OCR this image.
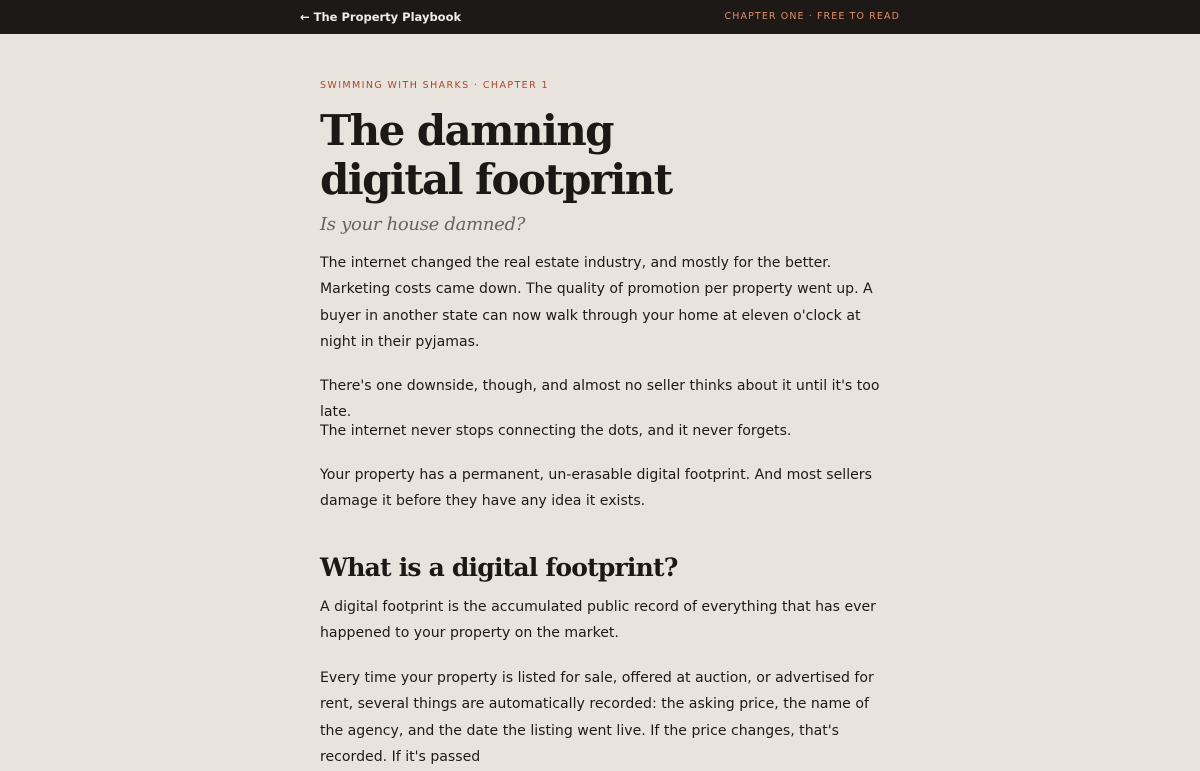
← The Property Playbook	CHAPTER ONE · FREE TO READ
SWIMMING WITH SHARKS · CHAPTER 1
The damning digital footprint

Is your house damned?

The internet changed the real estate industry, and mostly for the better. Marketing costs came down. The quality of promotion per property went up. A buyer in another state can now walk through your home at eleven o'clock at night in their pyjamas.

There's one downside, though, and almost no seller thinks about it until it's too late.

The internet never stops connecting the dots, and it never forgets.

Your property has a permanent, un-erasable digital footprint. And most sellers damage it before they have any idea it exists.

What is a digital footprint?

A digital footprint is the accumulated public record of everything that has ever happened to your property on the market.

Every time your property is listed for sale, offered at auction, or advertised for rent, several things are automatically recorded: the asking price, the name of the agency, and the date the listing went live. If the price changes, that's recorded. If it's passed
